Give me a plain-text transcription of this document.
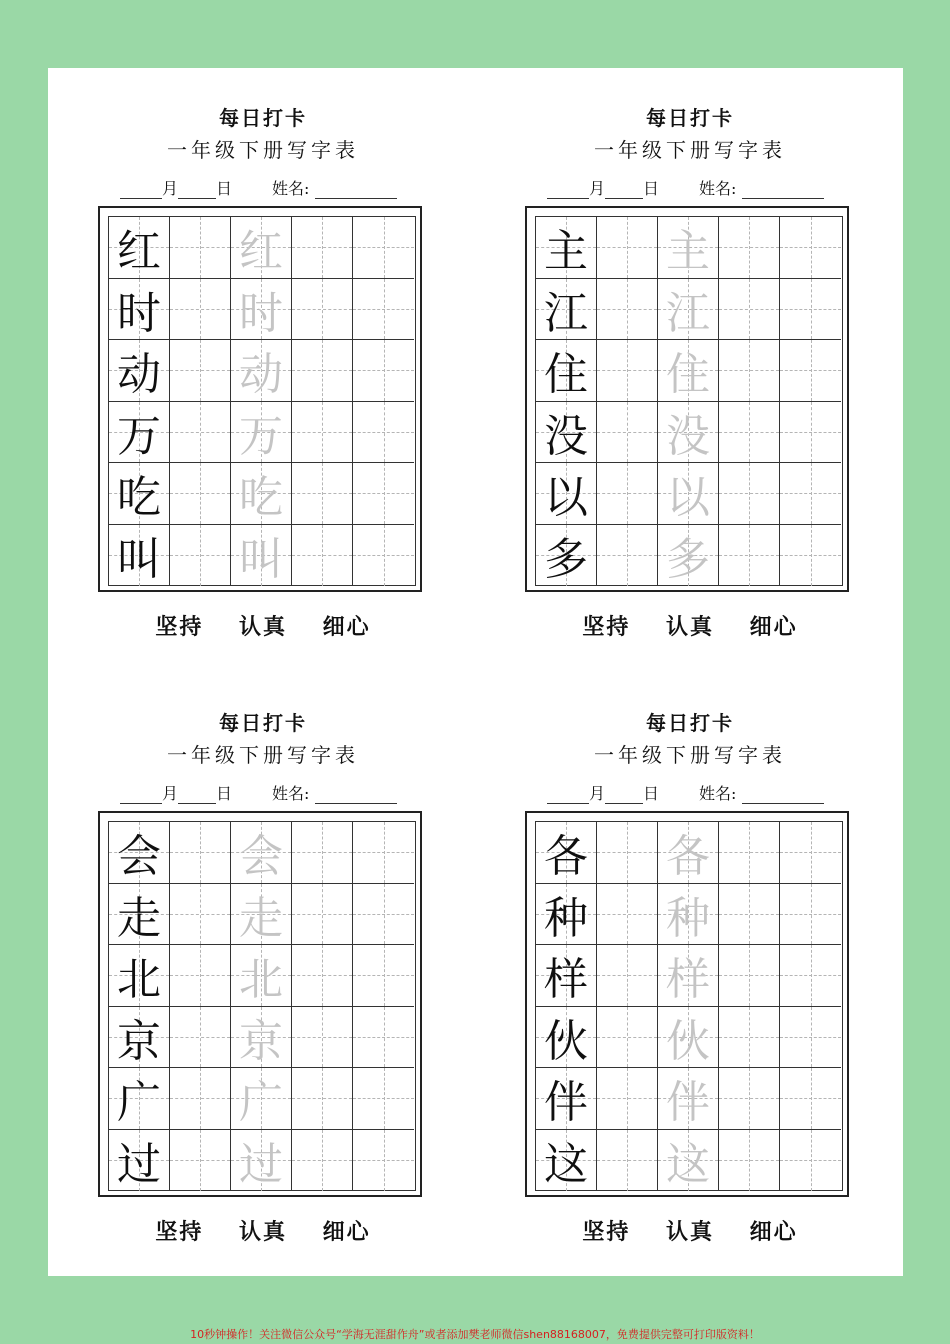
每日打卡
一年级下册写字表
月 日	姓名:
红 红
时 时
动 动
万 万
吃 吃
叫 叫
坚持 认真 细心
每日打卡
一年级下册写字表
月 日	姓名:
主 主
江 江
住 住
没 没
以 以
多 多
坚持 认真 细心
每日打卡
一年级下册写字表
月 日	姓名:
会 会
走 走
北 北
京 京
广 广
过 过
坚持 认真 细心
每日打卡
一年级下册写字表
月 日	姓名:
各 各
种 种
样 样
伙 伙
伴 伴
这 这
坚持 认真 细心
10秒钟操作！关注微信公众号“学海无涯甜作舟”或者添加樊老师微信shen88168007，免费提供完整可打印版资料！
